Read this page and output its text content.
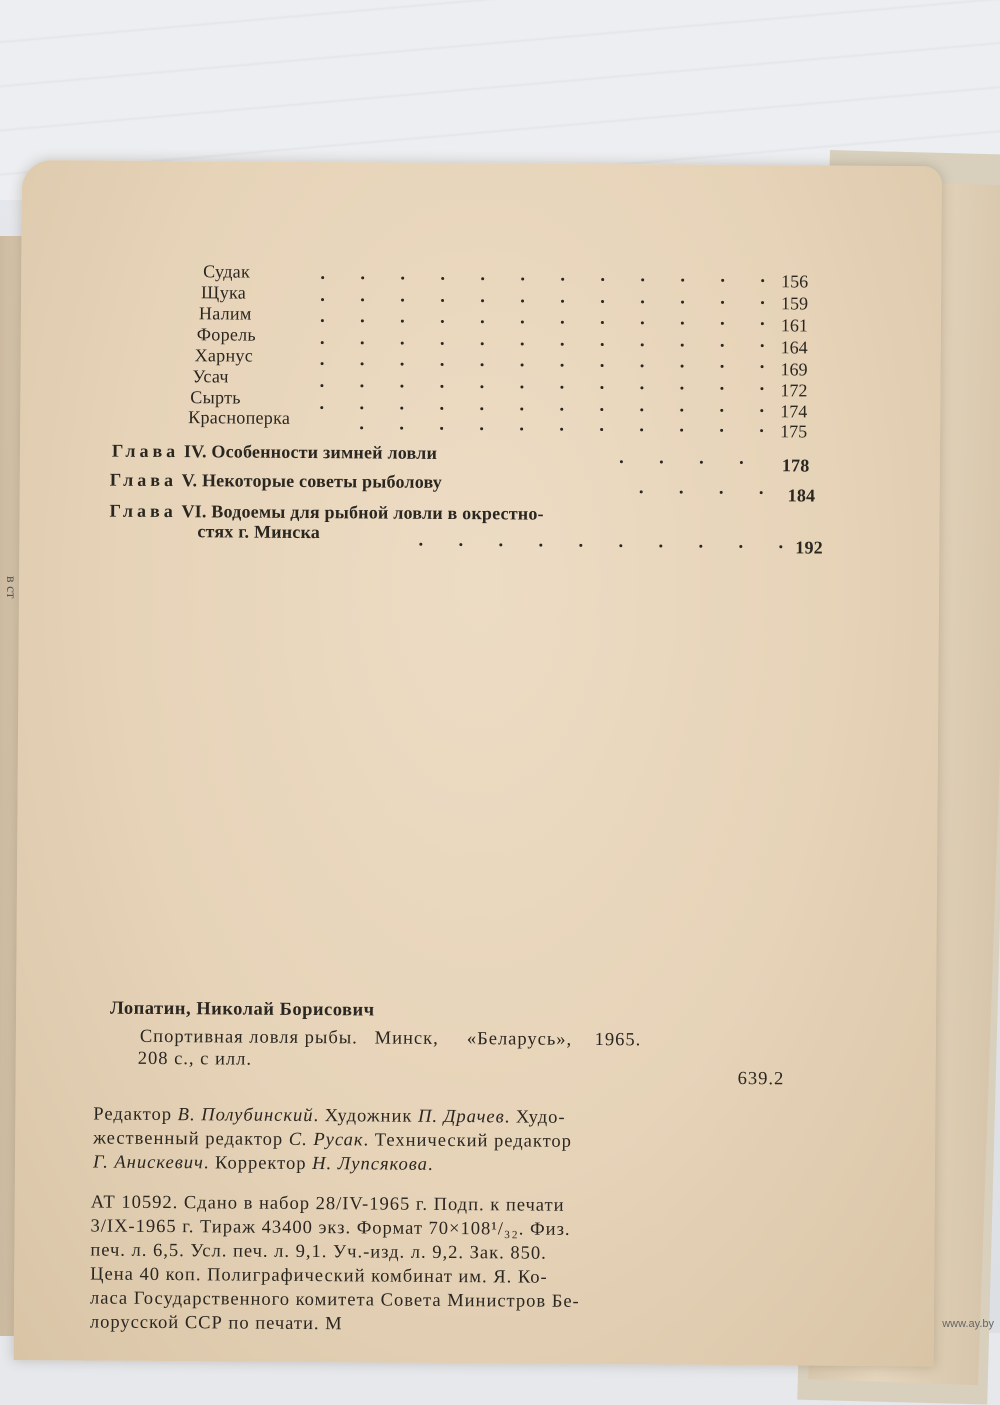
в ст
Судак	156
Щука
159
Налим
161
Форель
164
Харнус
169
Усач
172
Сырть
174
Красноперка
175
Глава IV. Особенности зимней ловли
178
Глава V. Некоторые советы рыболову
184
Глава VI. Водоемы для рыбной ловли в окрестно-
стях г. Минска
192
Лопатин, Николай Борисович
Спортивная ловля рыбы. Минск, «Беларусь», 1965.
208 с., с илл.
639.2
Редактор В. Полубинский. Художник П. Драчев. Худо-
жественный редактор С. Русак. Технический редактор
Г. Анискевич. Корректор Н. Лупсякова.
АТ 10592. Сдано в набор 28/IV-1965 г. Подп. к печати
3/IX-1965 г. Тираж 43400 экз. Формат 70×108¹/₃₂. Физ.
печ. л. 6,5. Усл. печ. л. 9,1. Уч.-изд. л. 9,2. Зак. 850.
Цена 40 коп. Полиграфический комбинат им. Я. Ко-
ласа Государственного комитета Совета Министров Бе-
лорусской ССР по печати. М	www.ay.by
